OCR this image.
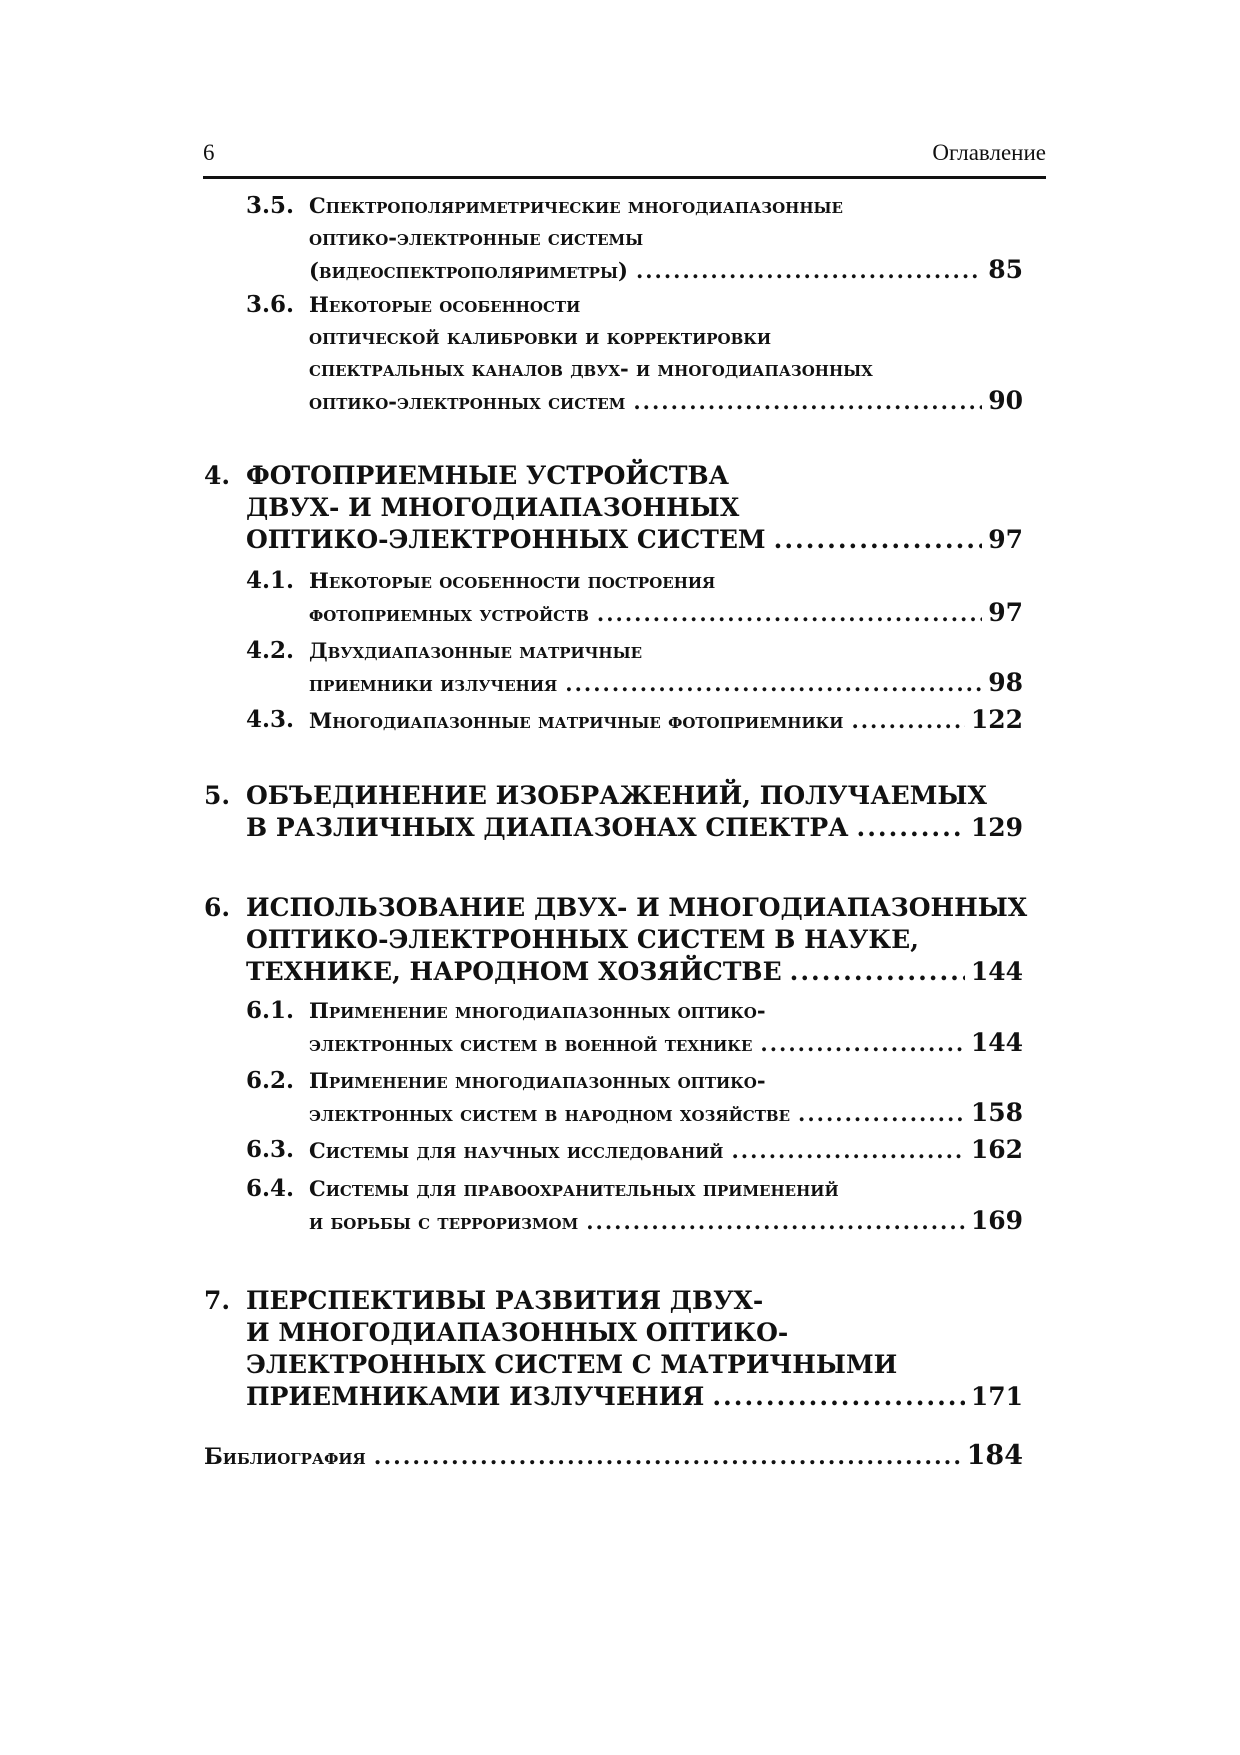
6	Оглавление
3.5. Спектрополяриметрические многодиапазонные
оптико-электронные системы
(видеоспектрополяриметры) .....	85
3.6. Некоторые особенности
оптической калибровки и корректировки
спектральных каналов двух- и многодиапазонных
оптико-электронных систем .....	90
4. ФОТОПРИЕМНЫЕ УСТРОЙСТВА
ДВУХ- И МНОГОДИАПАЗОННЫХ
ОПТИКО-ЭЛЕКТРОННЫХ СИСТЕМ .....	97
4.1. Некоторые особенности построения
фотоприемных устройств .....	97
4.2. Двухдиапазонные матричные
приемники излучения .....	98
4.3. Многодиапазонные матричные фотоприемники .....	122
5. ОБЪЕДИНЕНИЕ ИЗОБРАЖЕНИЙ, ПОЛУЧАЕМЫХ
В РАЗЛИЧНЫХ ДИАПАЗОНАХ СПЕКТРА .....	129
6. ИСПОЛЬЗОВАНИЕ ДВУХ- И МНОГОДИАПАЗОННЫХ
ОПТИКО-ЭЛЕКТРОННЫХ СИСТЕМ В НАУКЕ,
ТЕХНИКЕ, НАРОДНОМ ХОЗЯЙСТВЕ .....	144
6.1. Применение многодиапазонных оптико-
электронных систем в военной технике .....	144
6.2. Применение многодиапазонных оптико-
электронных систем в народном хозяйстве .....	158
6.3. Системы для научных исследований .....	162
6.4. Системы для правоохранительных применений
и борьбы с терроризмом .....	169
7. ПЕРСПЕКТИВЫ РАЗВИТИЯ ДВУХ-
И МНОГОДИАПАЗОННЫХ ОПТИКО-
ЭЛЕКТРОННЫХ СИСТЕМ С МАТРИЧНЫМИ
ПРИЕМНИКАМИ ИЗЛУЧЕНИЯ .....	171
Библиография .....	184
